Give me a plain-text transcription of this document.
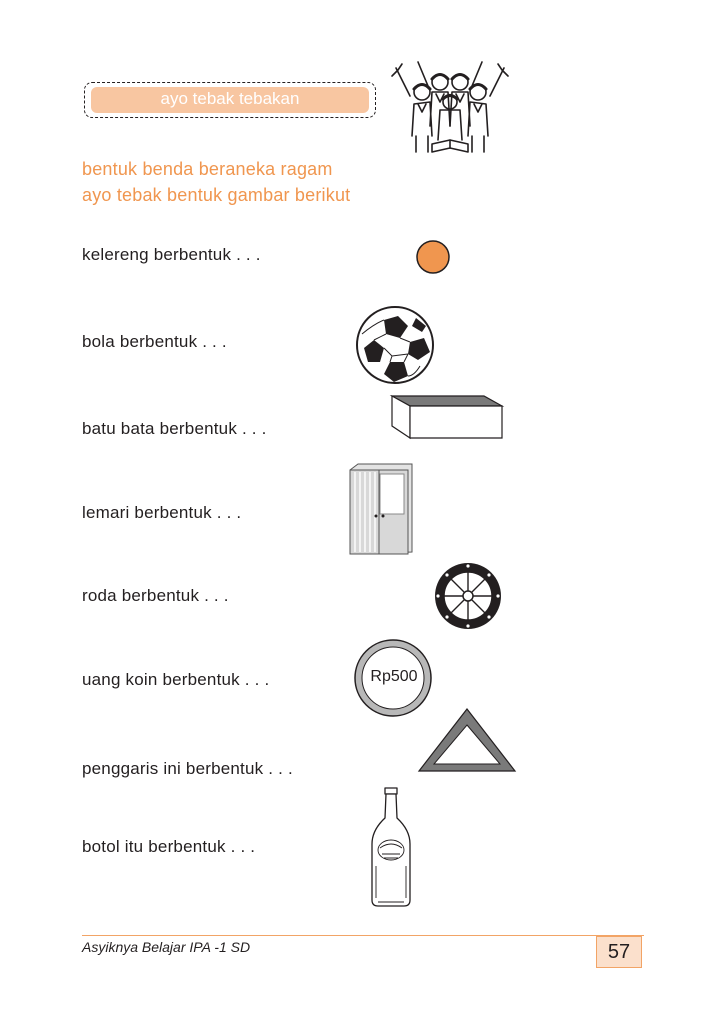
ayo tebak tebakan
bentuk benda beraneka ragam
ayo tebak bentuk gambar berikut
kelereng berbentuk . . .
bola berbentuk . . .
batu bata berbentuk . . .
lemari berbentuk . . .
roda berbentuk . . .
uang koin berbentuk . . .
penggaris ini berbentuk . . .
botol itu berbentuk . . .
Rp500
Asyiknya Belajar IPA -1 SD	57
